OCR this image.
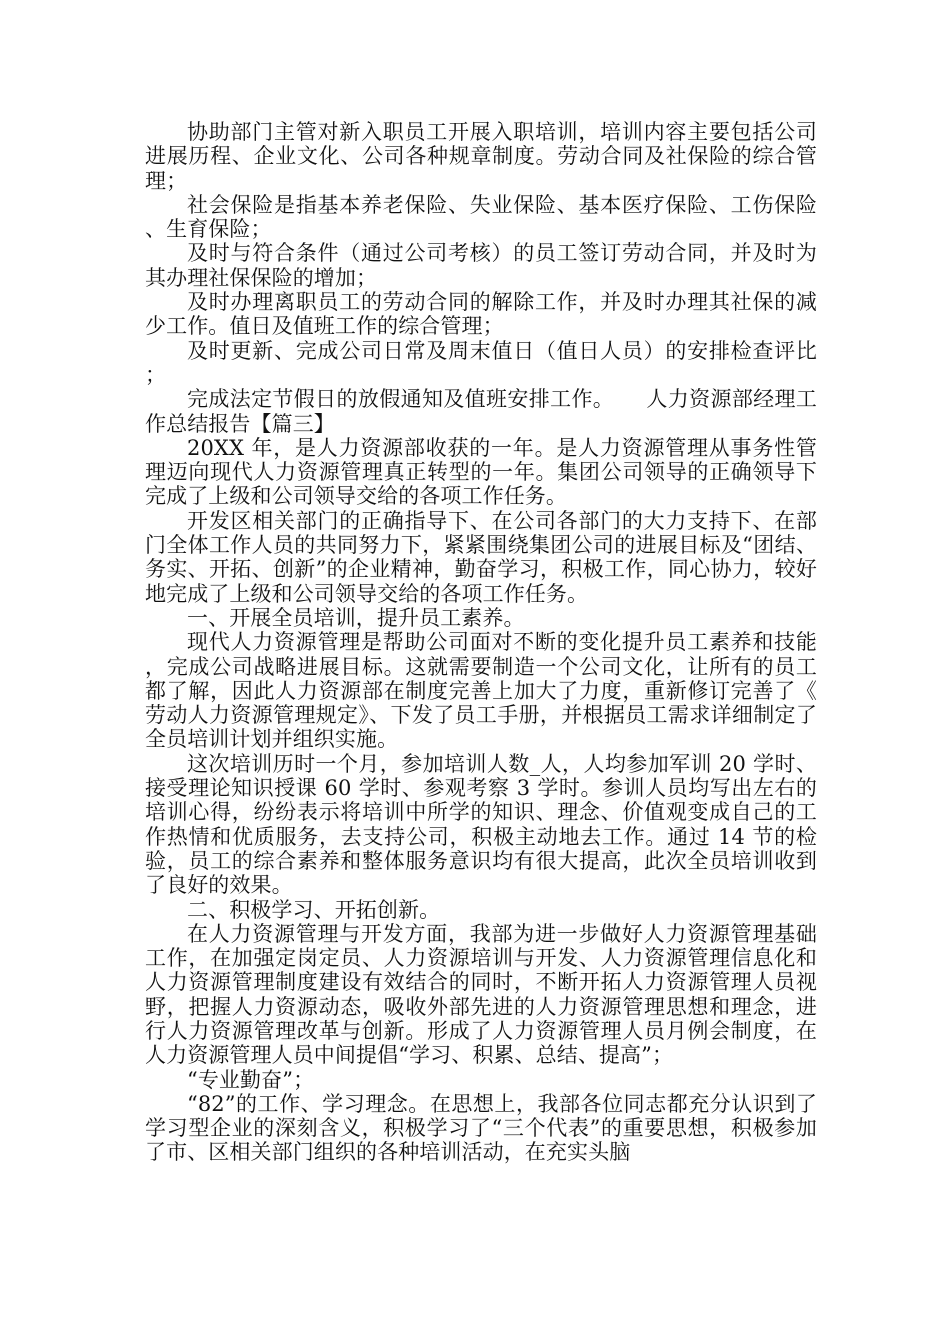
协助部门主管对新入职员工开展入职培训，培训内容主要包括公司进展历程、企业文化、公司各种规章制度。劳动合同及社保险的综合管理；

社会保险是指基本养老保险、失业保险、基本医疗保险、工伤保险、生育保险；

及时与符合条件（通过公司考核）的员工签订劳动合同，并及时为其办理社保保险的增加；

及时办理离职员工的劳动合同的解除工作，并及时办理其社保的减少工作。值日及值班工作的综合管理；

及时更新、完成公司日常及周末值日（值日人员）的安排检查评比；

完成法定节假日的放假通知及值班安排工作。　　人力资源部经理工作总结报告【篇三】

20XX 年，是人力资源部收获的一年。是人力资源管理从事务性管理迈向现代人力资源管理真正转型的一年。集团公司领导的正确领导下完成了上级和公司领导交给的各项工作任务。

开发区相关部门的正确指导下、在公司各部门的大力支持下、在部门全体工作人员的共同努力下，紧紧围绕集团公司的进展目标及“团结、务实、开拓、创新”的企业精神，勤奋学习，积极工作，同心协力，较好地完成了上级和公司领导交给的各项工作任务。

一、开展全员培训，提升员工素养。

现代人力资源管理是帮助公司面对不断的变化提升员工素养和技能，完成公司战略进展目标。这就需要制造一个公司文化，让所有的员工都了解，因此人力资源部在制度完善上加大了力度，重新修订完善了《劳动人力资源管理规定》、下发了员工手册，并根据员工需求详细制定了全员培训计划并组织实施。

这次培训历时一个月，参加培训人数_人，人均参加军训 20 学时、接受理论知识授课 60 学时、参观考察 3 学时。参训人员均写出左右的培训心得，纷纷表示将培训中所学的知识、理念、价值观变成自己的工作热情和优质服务，去支持公司，积极主动地去工作。通过 14 节的检验，员工的综合素养和整体服务意识均有很大提高，此次全员培训收到了良好的效果。

二、积极学习、开拓创新。

在人力资源管理与开发方面，我部为进一步做好人力资源管理基础工作，在加强定岗定员、人力资源培训与开发、人力资源管理信息化和人力资源管理制度建设有效结合的同时，不断开拓人力资源管理人员视野，把握人力资源动态，吸收外部先进的人力资源管理思想和理念，进行人力资源管理改革与创新。形成了人力资源管理人员月例会制度，在人力资源管理人员中间提倡“学习、积累、总结、提高”；

“专业勤奋”；

“82”的工作、学习理念。在思想上，我部各位同志都充分认识到了学习型企业的深刻含义，积极学习了“三个代表”的重要思想，积极参加了市、区相关部门组织的各种培训活动，在充实头脑
